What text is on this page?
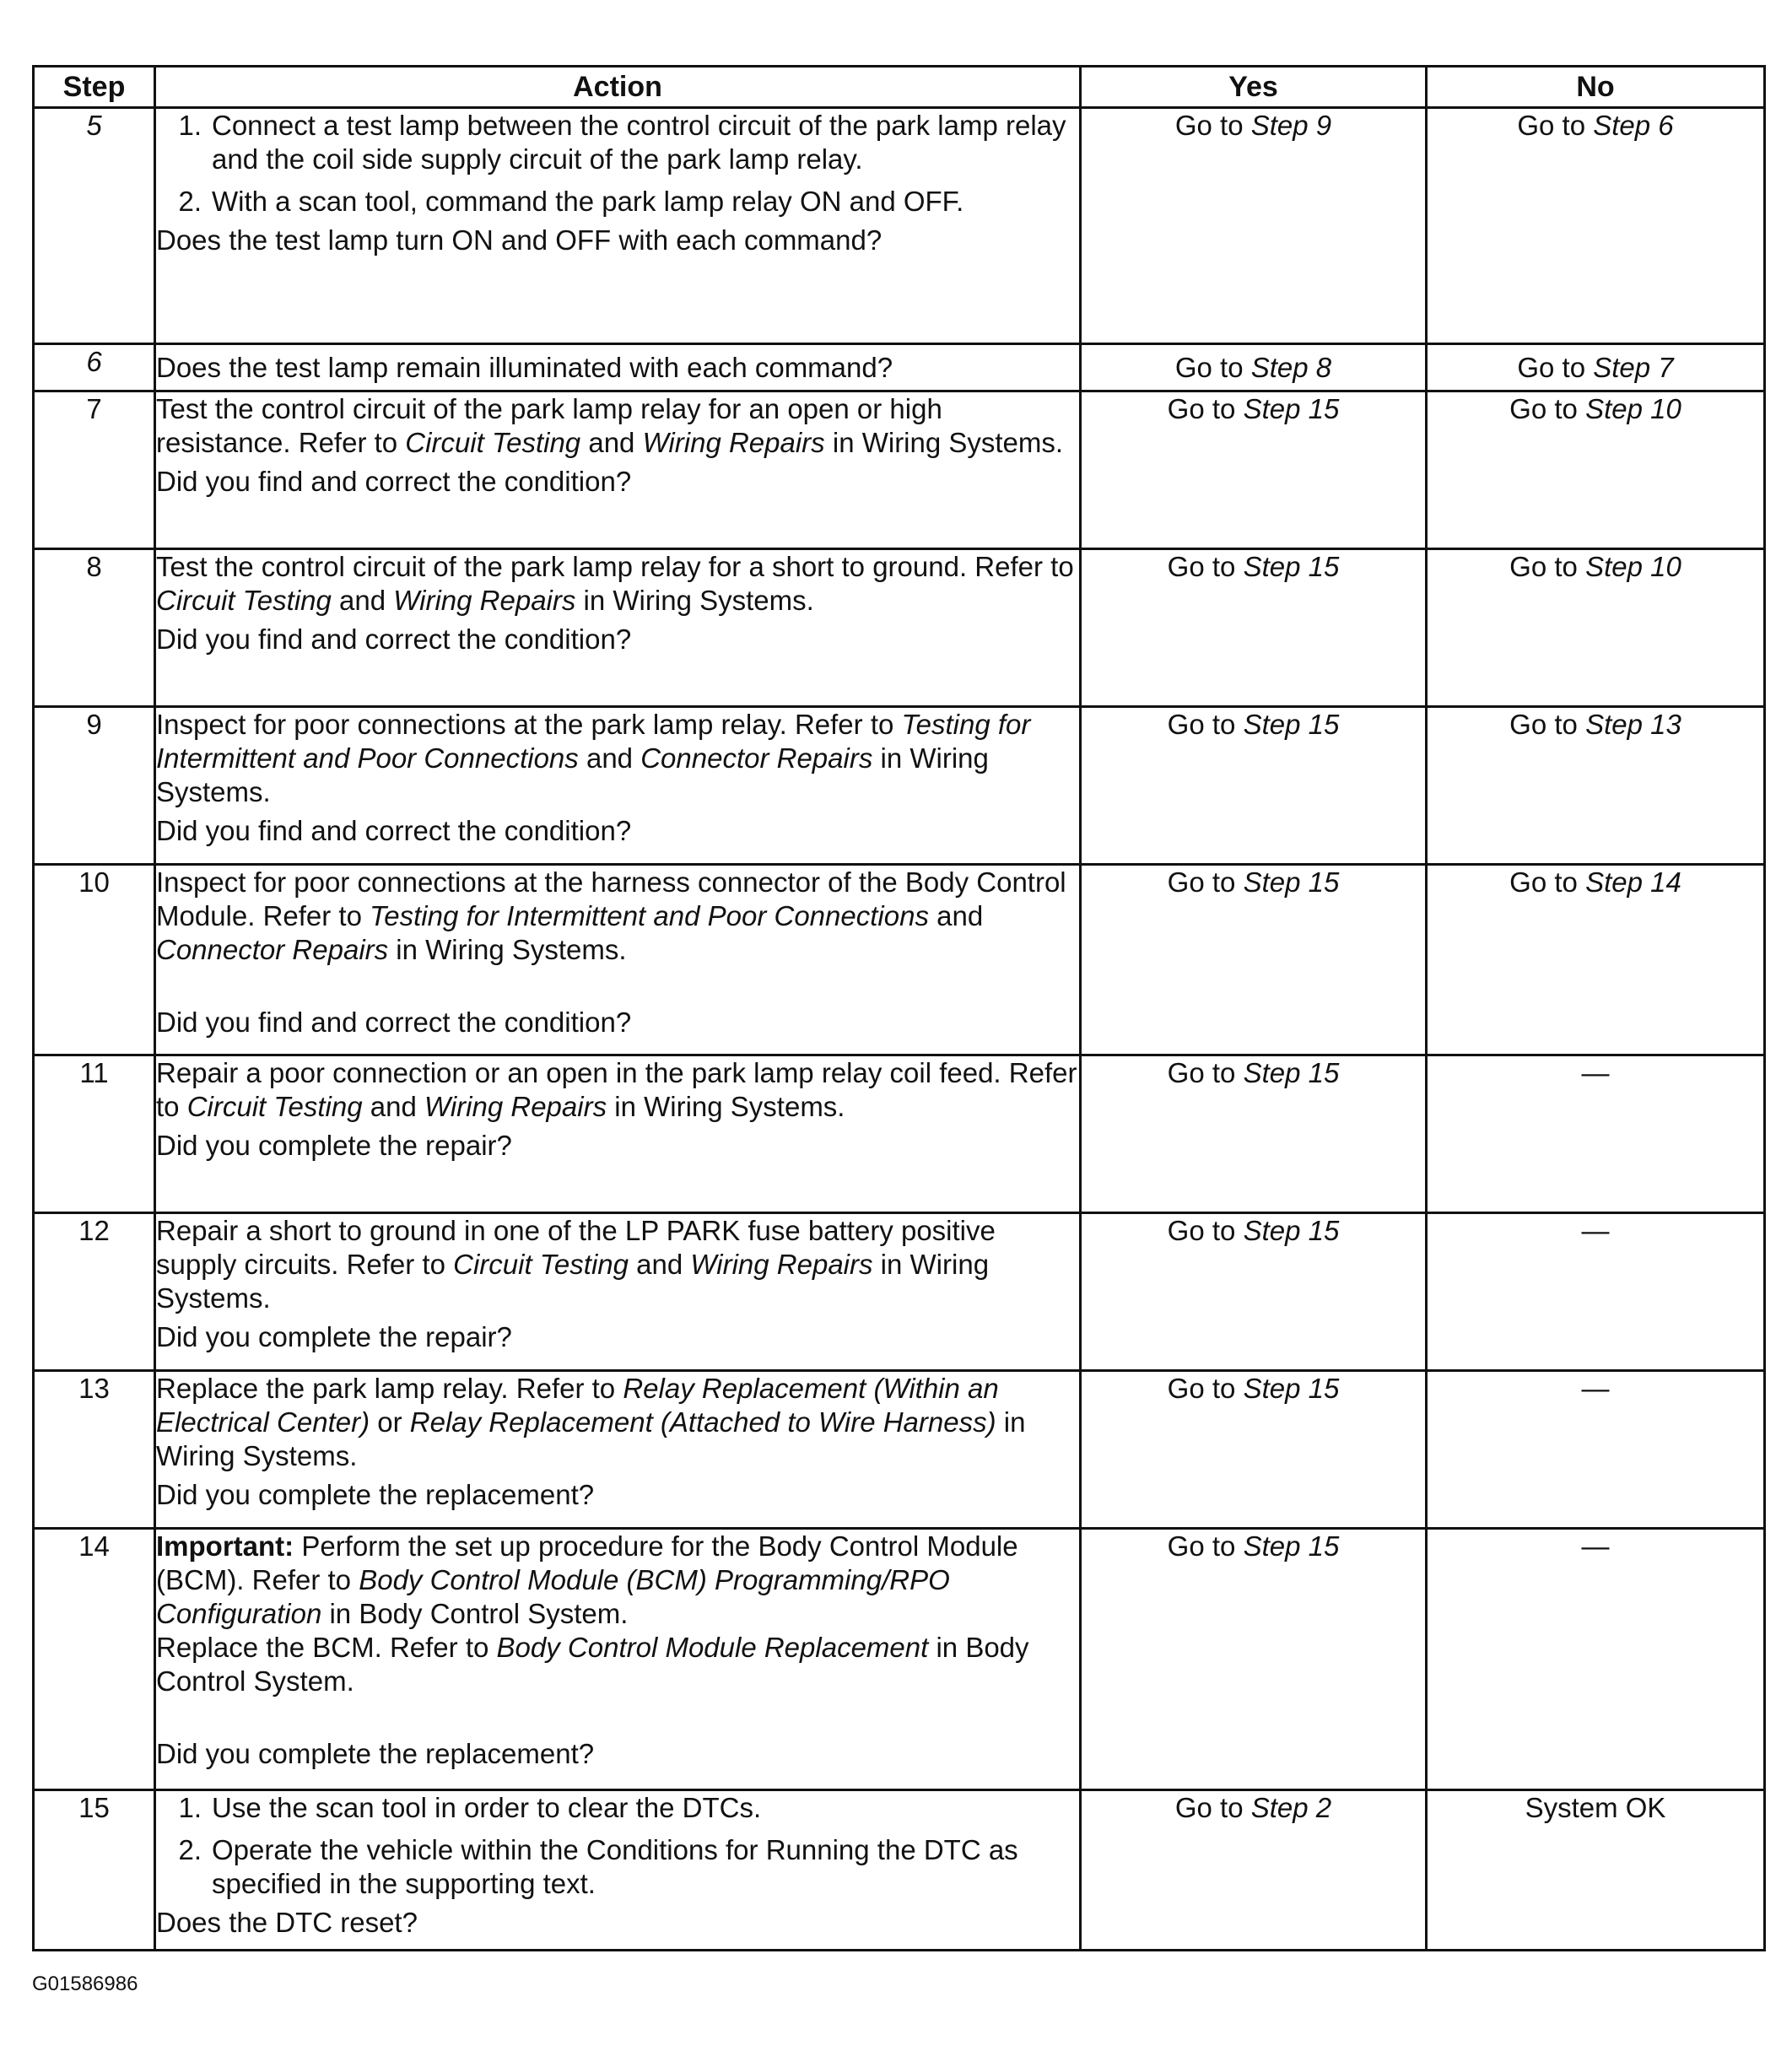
Step	Action	Yes	No
5	1. Connect a test lamp between the control circuit of the park lamp relay and the coil side supply circuit of the park lamp relay.
2. With a scan tool, command the park lamp relay ON and OFF.
Does the test lamp turn ON and OFF with each command?	Go to Step 9	Go to Step 6
6	Does the test lamp remain illuminated with each command?	Go to Step 8	Go to Step 7
7	Test the control circuit of the park lamp relay for an open or high resistance. Refer to Circuit Testing and Wiring Repairs in Wiring Systems.
Did you find and correct the condition?	Go to Step 15	Go to Step 10
8	Test the control circuit of the park lamp relay for a short to ground. Refer to Circuit Testing and Wiring Repairs in Wiring Systems.
Did you find and correct the condition?	Go to Step 15	Go to Step 10
9	Inspect for poor connections at the park lamp relay. Refer to Testing for Intermittent and Poor Connections and Connector Repairs in Wiring Systems.
Did you find and correct the condition?	Go to Step 15	Go to Step 13
10	Inspect for poor connections at the harness connector of the Body Control Module. Refer to Testing for Intermittent and Poor Connections and Connector Repairs in Wiring Systems.
Did you find and correct the condition?	Go to Step 15	Go to Step 14
11	Repair a poor connection or an open in the park lamp relay coil feed. Refer to Circuit Testing and Wiring Repairs in Wiring Systems.
Did you complete the repair?	Go to Step 15	—
12	Repair a short to ground in one of the LP PARK fuse battery positive supply circuits. Refer to Circuit Testing and Wiring Repairs in Wiring Systems.
Did you complete the repair?	Go to Step 15	—
13	Replace the park lamp relay. Refer to Relay Replacement (Within an Electrical Center) or Relay Replacement (Attached to Wire Harness) in Wiring Systems.
Did you complete the replacement?	Go to Step 15	—
14	Important: Perform the set up procedure for the Body Control Module (BCM). Refer to Body Control Module (BCM) Programming/RPO Configuration in Body Control System.
Replace the BCM. Refer to Body Control Module Replacement in Body Control System.
Did you complete the replacement?	Go to Step 15	—
15	1. Use the scan tool in order to clear the DTCs.
2. Operate the vehicle within the Conditions for Running the DTC as specified in the supporting text.
Does the DTC reset?	Go to Step 2	System OK
G01586986
